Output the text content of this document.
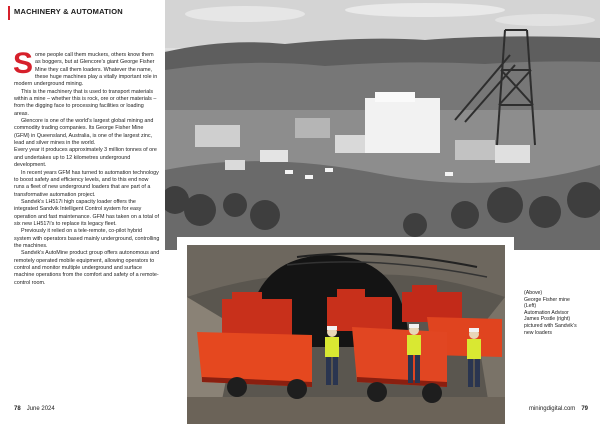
MACHINERY & AUTOMATION

Some people call them muckers, others know them as boggers, but at Glencore’s giant George Fisher Mine they call them loaders. Whatever the name, these huge machines play a vitally important role in modern underground mining.

This is the machinery that is used to transport materials within a mine – whether this is rock, ore or other materials – from the digging face to processing facilities or loading areas.

Glencore is one of the world’s largest global mining and commodity trading companies. Its George Fisher Mine (GFM) in Queensland, Australia, is one of the largest zinc, lead and silver mines in the world.

Every year it produces approximately 3 million tonnes of ore and undertakes up to 12 kilometres underground development.

In recent years GFM has turned to automation technology to boost safety and efficiency levels, and to this end now runs a fleet of new underground loaders that are part of a transformative automation project.

Sandvik’s LH517i high capacity loader offers the integrated Sandvik Intelligent Control system for easy operation and fast maintenance. GFM has taken on a total of six new LH517i’s to replace its legacy fleet.

Previously it relied on a tele-remote, co-pilot hybrid system with operators based mainly underground, controlling the machines.

Sandvik’s AutoMine product group offers autonomous and remotely operated mobile equipment, allowing operators to control and monitor multiple underground and surface machine operations from the comfort and safety of a remote-control room.

78 June 2024

(Above)

George Fisher mine

(Left)

Automation Advisor

James Postle (right)

pictured with Sandvik’s

new loaders

miningdigital.com 79
